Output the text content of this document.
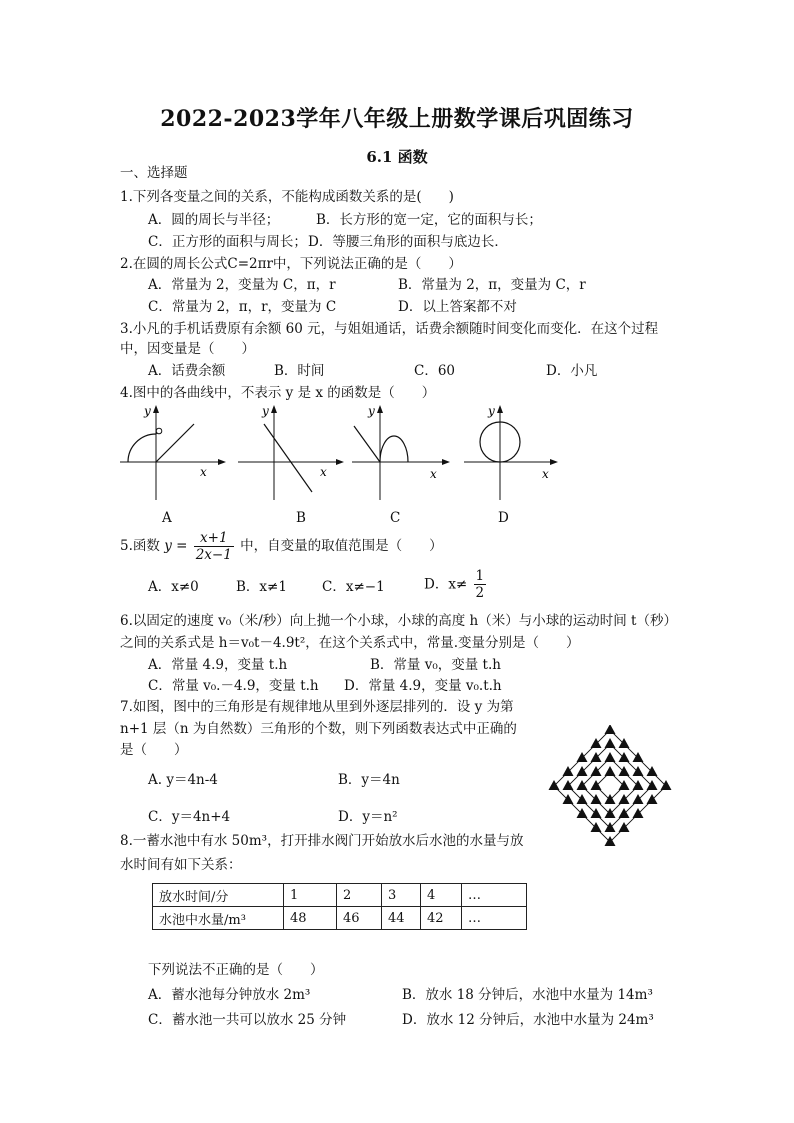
2022-2023学年八年级上册数学课后巩固练习
6.1 函数
一、选择题
1.下列各变量之间的关系，不能构成函数关系的是(　　)
A．圆的周长与半径；	B．长方形的宽一定，它的面积与长；
C．正方形的面积与周长； D．等腰三角形的面积与底边长．
2.在圆的周长公式C=2πr中，下列说法正确的是（　　）
A．常量为 2，变量为 C，π，r	B．常量为 2，π，变量为 C，r
C．常量为 2，π，r，变量为 C	D．以上答案都不对
3.小凡的手机话费原有余额 60 元，与姐姐通话，话费余额随时间变化而变化．在这个过程
中，因变量是（　　）
A．话费余额	B．时间	C．60	D．小凡
4.图中的各曲线中，不表示 y 是 x 的函数是（　　）
y
x
y
x
y
x
y
x
A	B	C	D
5.函数 $y = \frac{x+1}{2x-1}$ 中，自变量的取值范围是（　　）
A．x≠0	B．x≠1	C．x≠−1	D．$x\ne \frac{1}{2}$
6.以固定的速度 v₀（米/秒）向上抛一个小球，小球的高度 h（米）与小球的运动时间 t（秒）
之间的关系式是 h＝v₀t－4.9t²，在这个关系式中，常量.变量分别是（　　）
A．常量 4.9，变量 t.h	B．常量 v₀，变量 t.h
C．常量 v₀.－4.9，变量 t.h D．常量 4.9，变量 v₀.t.h
7.如图，图中的三角形是有规律地从里到外逐层排列的．设 y 为第
n+1 层（n 为自然数）三角形的个数，则下列函数表达式中正确的
是（　　）
A. y＝4n-4	B．y＝4n
C．y＝4n+4	D．y＝n²
8.一蓄水池中有水 50m³，打开排水阀门开始放水后水池的水量与放
水时间有如下关系：
放水时间/分	1	2	3	4	…
水池中水量/m³	48	46	44	42	…
下列说法不正确的是（　　）
A．蓄水池每分钟放水 2m³	B．放水 18 分钟后，水池中水量为 14m³
C．蓄水池一共可以放水 25 分钟	D．放水 12 分钟后，水池中水量为 24m³
